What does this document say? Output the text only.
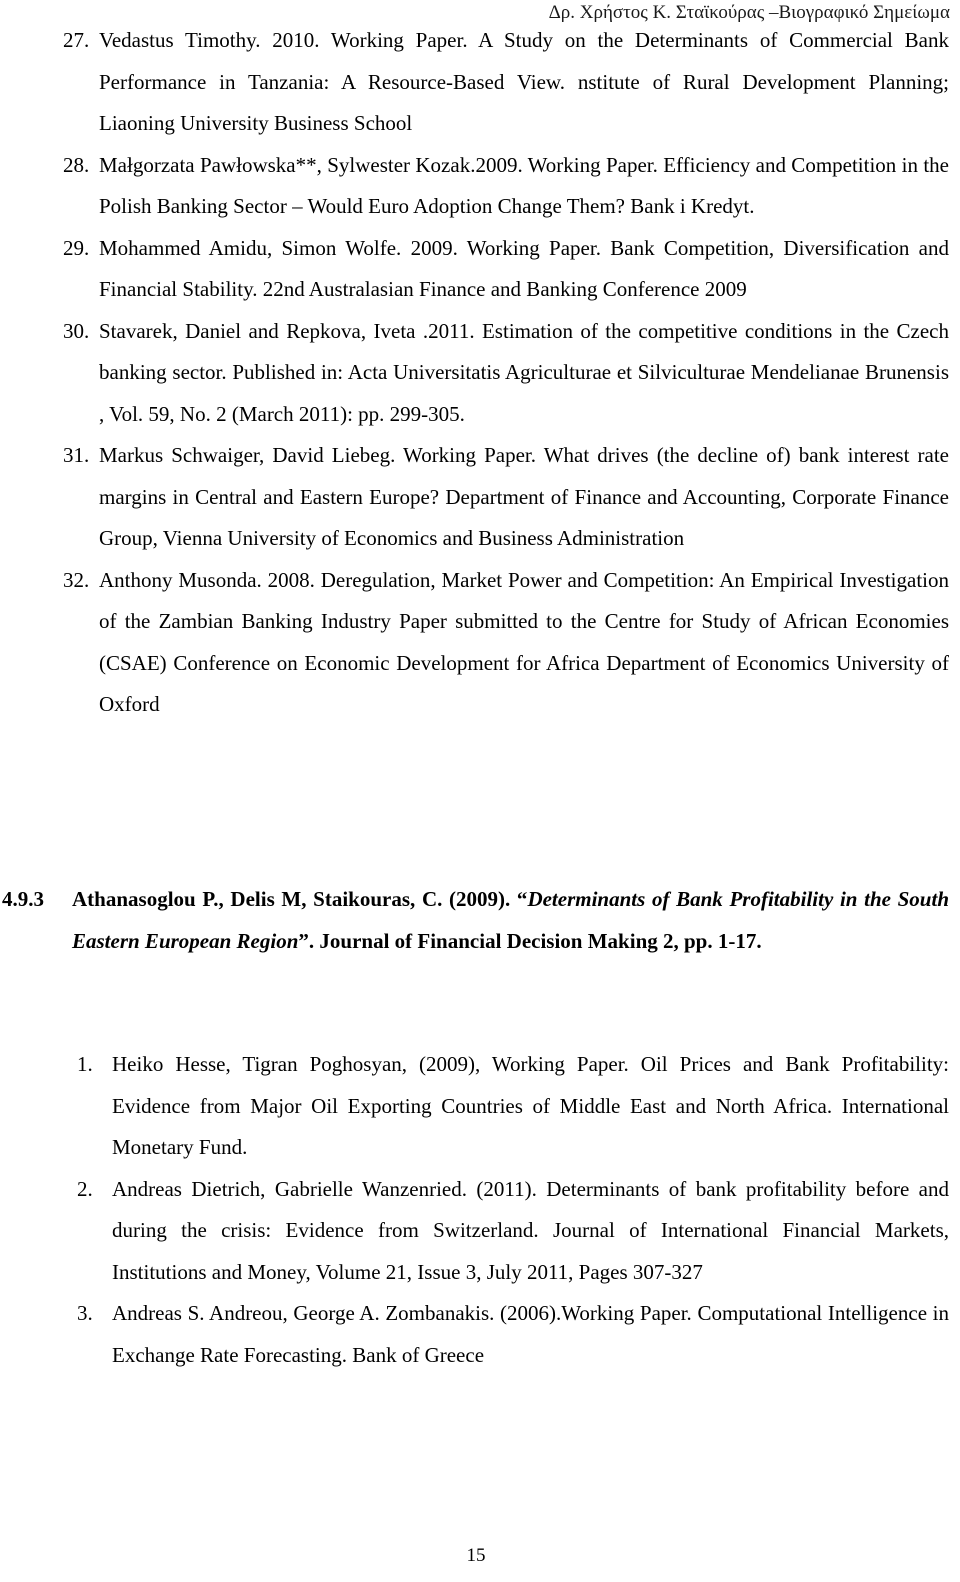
Δρ. Χρήστος Κ. Σταϊκούρας –Βιογραφικό Σημείωμα
27. Vedastus Timothy. 2010. Working Paper. A Study on the Determinants of Commercial Bank Performance in Tanzania: A Resource-Based View. nstitute of Rural Development Planning; Liaoning University Business School
28. Małgorzata Pawłowska**, Sylwester Kozak.2009. Working Paper. Efficiency and Competition in the Polish Banking Sector – Would Euro Adoption Change Them? Bank i Kredyt.
29. Mohammed Amidu, Simon Wolfe. 2009. Working Paper. Bank Competition, Diversification and Financial Stability. 22nd Australasian Finance and Banking Conference 2009
30. Stavarek, Daniel and Repkova, Iveta .2011. Estimation of the competitive conditions in the Czech banking sector. Published in: Acta Universitatis Agriculturae et Silviculturae Mendelianae Brunensis , Vol. 59, No. 2 (March 2011): pp. 299-305.
31. Markus Schwaiger, David Liebeg. Working Paper. What drives (the decline of) bank interest rate margins in Central and Eastern Europe? Department of Finance and Accounting, Corporate Finance Group, Vienna University of Economics and Business Administration
32. Anthony Musonda. 2008. Deregulation, Market Power and Competition: An Empirical Investigation of the Zambian Banking Industry Paper submitted to the Centre for Study of African Economies (CSAE) Conference on Economic Development for Africa Department of Economics University of Oxford
4.9.3 Athanasoglou P., Delis M, Staikouras, C. (2009). “Determinants of Bank Profitability in the South Eastern European Region”. Journal of Financial Decision Making 2, pp. 1-17.
1. Heiko Hesse, Tigran Poghosyan, (2009), Working Paper. Oil Prices and Bank Profitability: Evidence from Major Oil Exporting Countries of Middle East and North Africa. International Monetary Fund.
2. Andreas Dietrich, Gabrielle Wanzenried. (2011). Determinants of bank profitability before and during the crisis: Evidence from Switzerland. Journal of International Financial Markets, Institutions and Money, Volume 21, Issue 3, July 2011, Pages 307-327
3. Andreas S. Andreou, George A. Zombanakis. (2006).Working Paper. Computational Intelligence in Exchange Rate Forecasting. Bank of Greece
15
